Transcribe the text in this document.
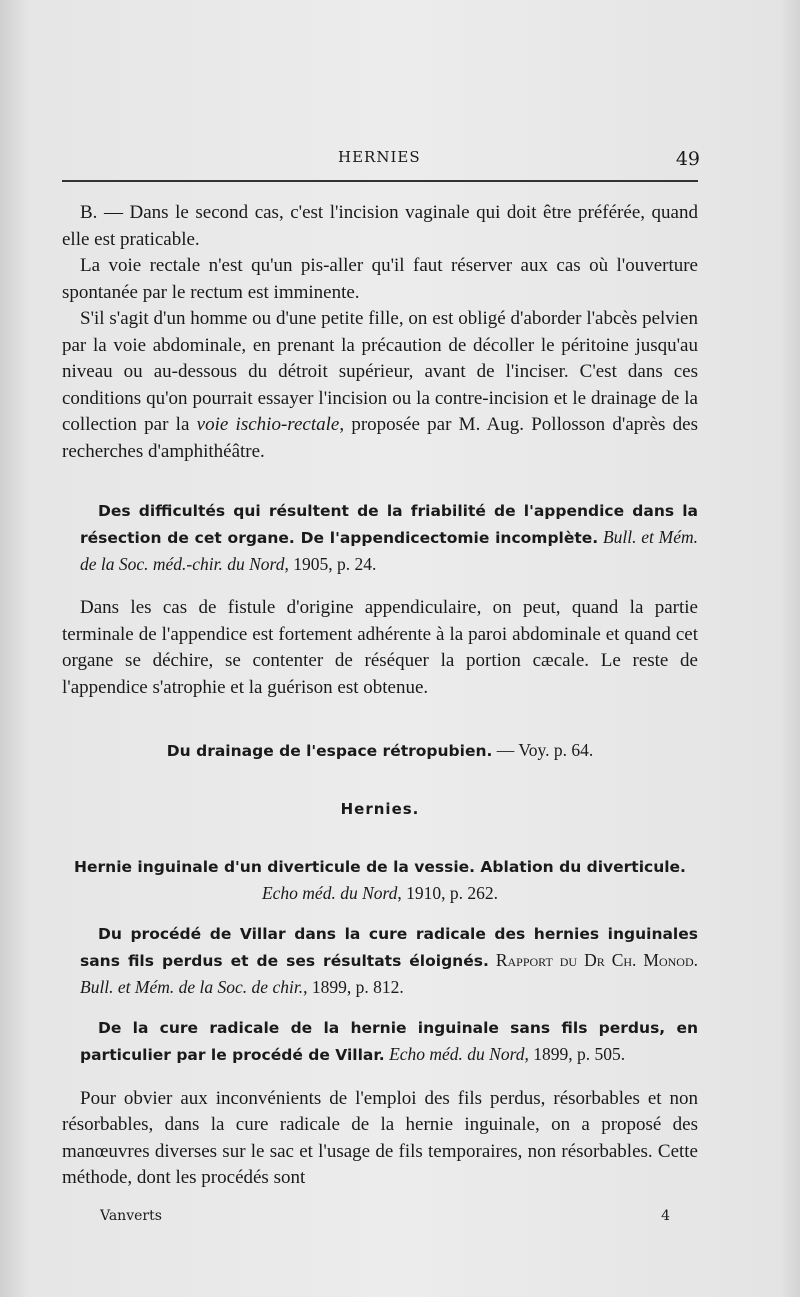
HERNIES	49

B. — Dans le second cas, c'est l'incision vaginale qui doit être préférée, quand elle est praticable.

La voie rectale n'est qu'un pis-aller qu'il faut réserver aux cas où l'ouverture spontanée par le rectum est imminente.

S'il s'agit d'un homme ou d'une petite fille, on est obligé d'aborder l'abcès pelvien par la voie abdominale, en prenant la précaution de décoller le péritoine jusqu'au niveau ou au-dessous du détroit supérieur, avant de l'inciser. C'est dans ces conditions qu'on pourrait essayer l'incision ou la contre-incision et le drainage de la collection par la voie ischio-rectale, proposée par M. Aug. Pollosson d'après des recherches d'amphithéâtre.

Des difficultés qui résultent de la friabilité de l'appendice dans la résection de cet organe. De l'appendicectomie incomplète. Bull. et Mém. de la Soc. méd.-chir. du Nord, 1905, p. 24.

Dans les cas de fistule d'origine appendiculaire, on peut, quand la partie terminale de l'appendice est fortement adhérente à la paroi abdominale et quand cet organe se déchire, se contenter de réséquer la portion cæcale. Le reste de l'appendice s'atrophie et la guérison est obtenue.

Du drainage de l'espace rétropubien. — Voy. p. 64.

Hernies.

Hernie inguinale d'un diverticule de la vessie. Ablation du diverticule. Echo méd. du Nord, 1910, p. 262.

Du procédé de Villar dans la cure radicale des hernies inguinales sans fils perdus et de ses résultats éloignés. Rapport du Dr Ch. Monod. Bull. et Mém. de la Soc. de chir., 1899, p. 812.

De la cure radicale de la hernie inguinale sans fils perdus, en particulier par le procédé de Villar. Echo méd. du Nord, 1899, p. 505.

Pour obvier aux inconvénients de l'emploi des fils perdus, résorbables et non résorbables, dans la cure radicale de la hernie inguinale, on a proposé des manœuvres diverses sur le sac et l'usage de fils temporaires, non résorbables. Cette méthode, dont les procédés sont

Vanverts	4
